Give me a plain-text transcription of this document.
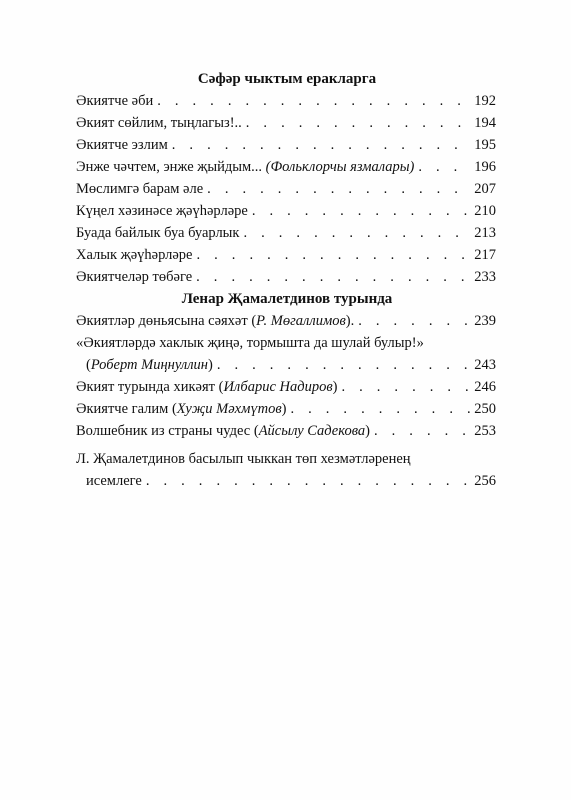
Сәфәр чыктым еракларга
Әкиятче әби . . .	192
Әкият сөйлим, тыңлагыз!.. . . .	194
Әкиятче эзлим . . .	195
Энже чәчтем, энже җыйдым... (Фольклорчы язмалары) . . .	196
Мөслимгә барам әле . . .	207
Күңел хәзинәсе җәүһәрләре . . .	210
Буада байлык буа буарлык . . .	213
Халык җәүһәрләре . . .	217
Әкиятчеләр төбәге . . .	233
Ленар Җамалетдинов турында
Әкиятләр дөньясына сәяхәт (Р. Мөгаллимов). . . .	239
«Әкиятләрдә хаклык җиңә, тормышта да шулай булыр!»
(Роберт Миңнуллин) . . .	243
Әкият турында хикәят (Илбарис Надиров) . . .	246
Әкиятче галим (Хуҗи Мәхмүтов) . . .	250
Волшебник из страны чудес (Айсылу Садекова) . . .	253
Л. Җамалетдинов басылып чыккан төп хезмәтләренең
исемлеге . . .	256
